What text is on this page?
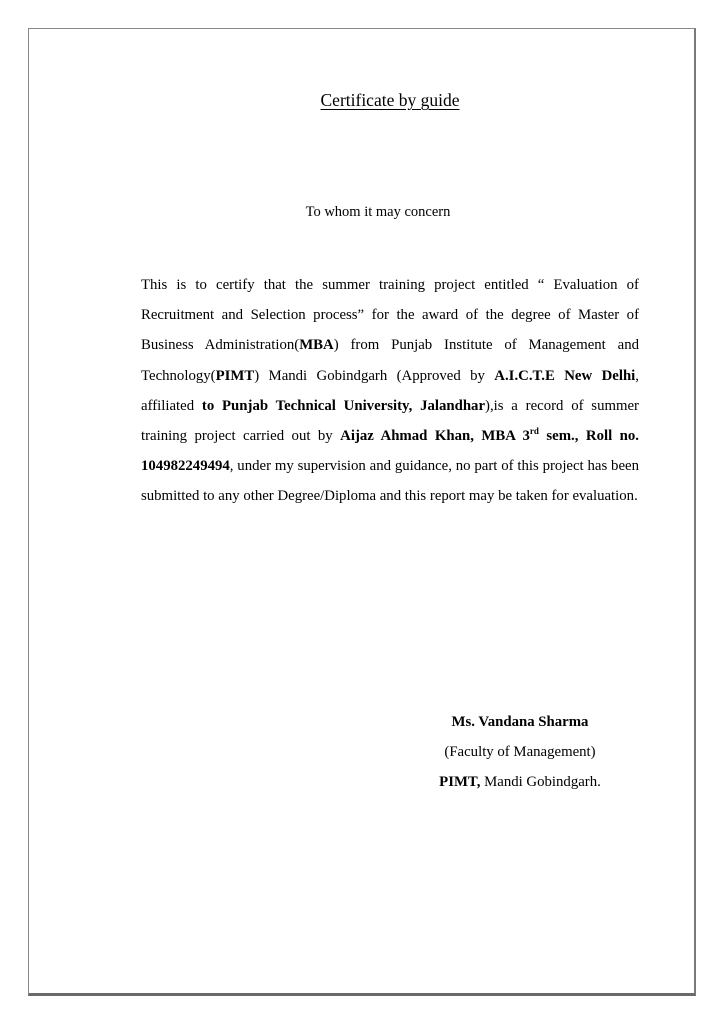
Certificate by guide
To whom it may concern

This is to certify that the summer training project entitled “ Evaluation of Recruitment and Selection process” for the award of the degree of Master of Business Administration(MBA) from Punjab Institute of Management and Technology(PIMT) Mandi Gobindgarh (Approved by A.I.C.T.E New Delhi, affiliated to Punjab Technical University, Jalandhar),is a record of summer training project carried out by Aijaz Ahmad Khan, MBA 3rd sem., Roll no. 104982249494, under my supervision and guidance, no part of this project has been submitted to any other Degree/Diploma and this report may be taken for evaluation.

Ms. Vandana Sharma
(Faculty of Management)
PIMT, Mandi Gobindgarh.
